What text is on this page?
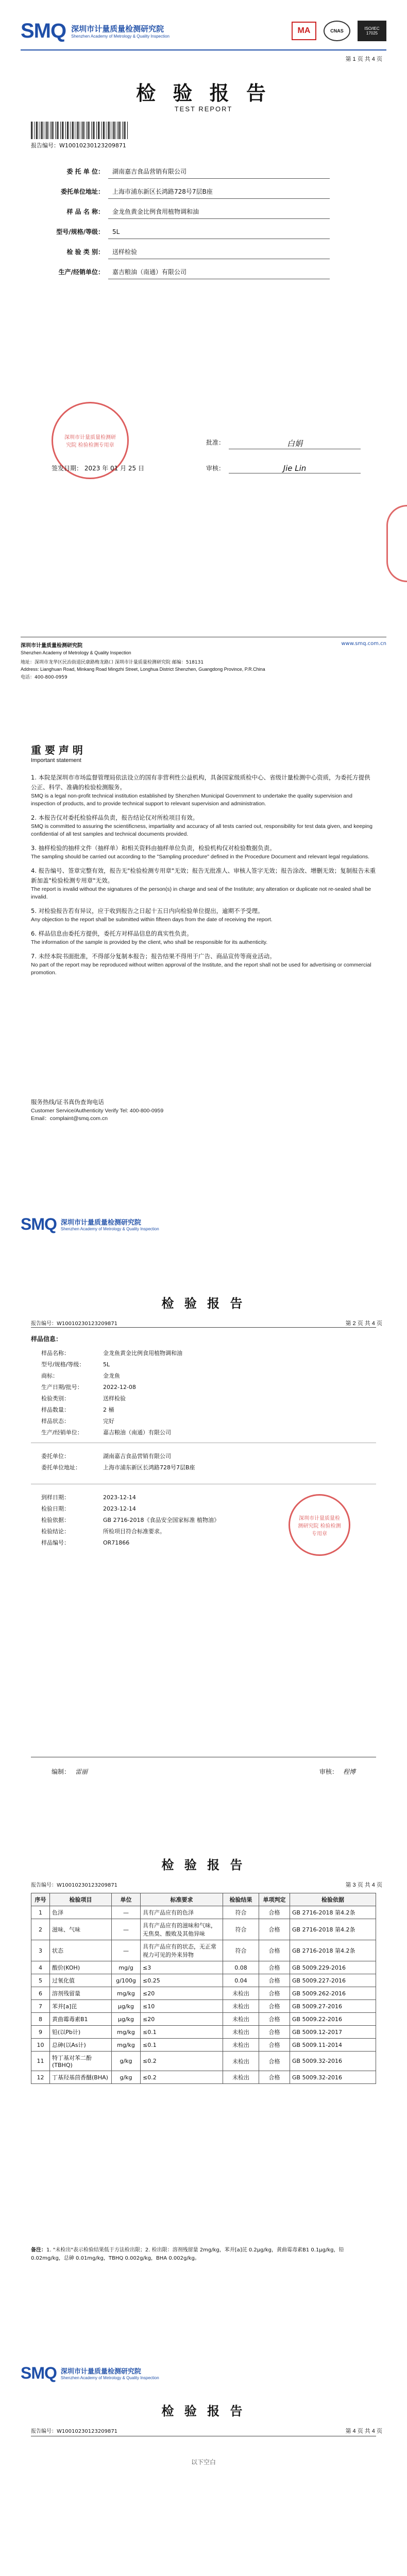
SMQ 深圳市计量质量检测研究院
Shenzhen Academy of Metrology & Quality Inspection
MA	CNAS	ISO/IEC 17025
第 1 页 共 4 页
检 验 报 告
TEST REPORT
报告编号：W10010230123209871
委 托 单 位：	湖南嘉吉食品营销有限公司
委托单位地址：	上海市浦东新区长鸿路728号7层B座
样 品 名 称：	金龙鱼黄金比例食用植物调和油
型号/规格/等级：	5L
检 验 类 别：	送样检验
生产/经销单位：	嘉吉粮油（南通）有限公司
深圳市计量质量检测研究院 检验检测专用章	批准：	白娟
签发日期： 2023 年 01 月 25 日	审核：	Jie Lin
深圳市计量质量检测研究院	www.smq.com.cn
Shenzhen Academy of Metrology & Quality Inspection
地址：深圳市龙华区民治街道民康路梅龙路口 深圳市计量质量检测研究院 邮编：518131
Address: Lianghuan Road, Minkang Road Mingzhi Street, Longhua District Shenzhen, Guangdong Province, P.R.China
电话：400-800-0959
重 要 声 明
Important statement
1. 本院是深圳市市场监督管理局依法设立的国有非营利性公益机构，具备国家级质检中心、省级计量检测中心资质，为委托方提供公正、科学、准确的检验检测服务。
SMQ is a legal non-profit technical institution established by Shenzhen Municipal Government to undertake the quality supervision and inspection of products, and to provide technical support to relevant supervision and administration.
2. 本报告仅对委托检验样品负责，报告结论仅对所检项目有效。
SMQ is committed to assuring the scientificness, impartiality and accuracy of all tests carried out, responsibility for test data given, and keeping confidential of all test samples and technical documents provided.
3. 抽样检验的抽样文件（抽样单）和相关资料由抽样单位负责，检验机构仅对检验数据负责。
The sampling should be carried out according to the "Sampling procedure" defined in the Procedure Document and relevant legal regulations.
4. 报告编号、签章完整有效，报告无"检验检测专用章"无效；报告无批准人、审核人签字无效；报告涂改、增删无效；复制报告未重新加盖"检验检测专用章"无效。
The report is invalid without the signatures of the person(s) in charge and seal of the Institute; any alteration or duplicate not re-sealed shall be invalid.
5. 对检验报告若有异议，应于收到报告之日起十五日内向检验单位提出，逾期不予受理。
Any objection to the report shall be submitted within fifteen days from the date of receiving the report.
6. 样品信息由委托方提供，委托方对样品信息的真实性负责。
The information of the sample is provided by the client, who shall be responsible for its authenticity.
7. 未经本院书面批准，不得部分复制本报告；报告结果不得用于广告、商品宣传等商业活动。
No part of the report may be reproduced without written approval of the Institute, and the report shall not be used for advertising or commercial promotion.
服务热线/证书真伪查询电话
Customer Service/Authenticity Verify Tel: 400-800-0959
Email：complaint@smq.com.cn
SMQ 深圳市计量质量检测研究院
Shenzhen Academy of Metrology & Quality Inspection
检 验 报 告
报告编号：W10010230123209871	第 2 页 共 4 页
样品信息：
样品名称：	金龙鱼黄金比例食用植物调和油
型号/规格/等级：	5L
商标：	金龙鱼
生产日期/批号：	2022-12-08
检验类别：	送样检验
样品数量：	2 桶
样品状态：	完好
生产/经销单位：	嘉吉粮油（南通）有限公司
委托单位：	湖南嘉吉食品营销有限公司
委托单位地址：	上海市浦东新区长鸿路728号7层B座
到样日期：	2023-12-14
检验日期：	2023-12-14
检验依据：	GB 2716-2018《食品安全国家标准 植物油》
检验结论：	所检项目符合标准要求。
样品编号：	OR71866
深圳市计量质量检测研究院 检验检测专用章
编制： 雷丽	审核： 程博
检 验 报 告
报告编号：W10010230123209871	第 3 页 共 4 页
序号	检验项目	单位	标准要求	检验结果	单项判定	检验依据
1	色泽	—	具有产品应有的色泽	符合	合格	GB 2716-2018 第4.2条
2	滋味、气味	—	具有产品应有的滋味和气味，无焦臭、酸败及其他异味	符合	合格	GB 2716-2018 第4.2条
3	状态	—	具有产品应有的状态，无正常视力可见的外来异物	符合	合格	GB 2716-2018 第4.2条
4	酸价(KOH)	mg/g	≤3	0.08	合格	GB 5009.229-2016
5	过氧化值	g/100g	≤0.25	0.04	合格	GB 5009.227-2016
6	溶剂残留量	mg/kg	≤20	未检出	合格	GB 5009.262-2016
7	苯并[a]芘	μg/kg	≤10	未检出	合格	GB 5009.27-2016
8	黄曲霉毒素B1	μg/kg	≤20	未检出	合格	GB 5009.22-2016
9	铅(以Pb计)	mg/kg	≤0.1	未检出	合格	GB 5009.12-2017
10	总砷(以As计)	mg/kg	≤0.1	未检出	合格	GB 5009.11-2014
11	特丁基对苯二酚(TBHQ)	g/kg	≤0.2	未检出	合格	GB 5009.32-2016
12	丁基羟基茴香醚(BHA)	g/kg	≤0.2	未检出	合格	GB 5009.32-2016
备注：1. "未检出"表示检验结果低于方法检出限；2. 检出限：溶剂残留量 2mg/kg，苯并[a]芘 0.2μg/kg，黄曲霉毒素B1 0.1μg/kg，铅 0.02mg/kg，总砷 0.01mg/kg，TBHQ 0.002g/kg，BHA 0.002g/kg。
SMQ 深圳市计量质量检测研究院
Shenzhen Academy of Metrology & Quality Inspection
检 验 报 告
报告编号：W10010230123209871	第 4 页 共 4 页
以下空白
